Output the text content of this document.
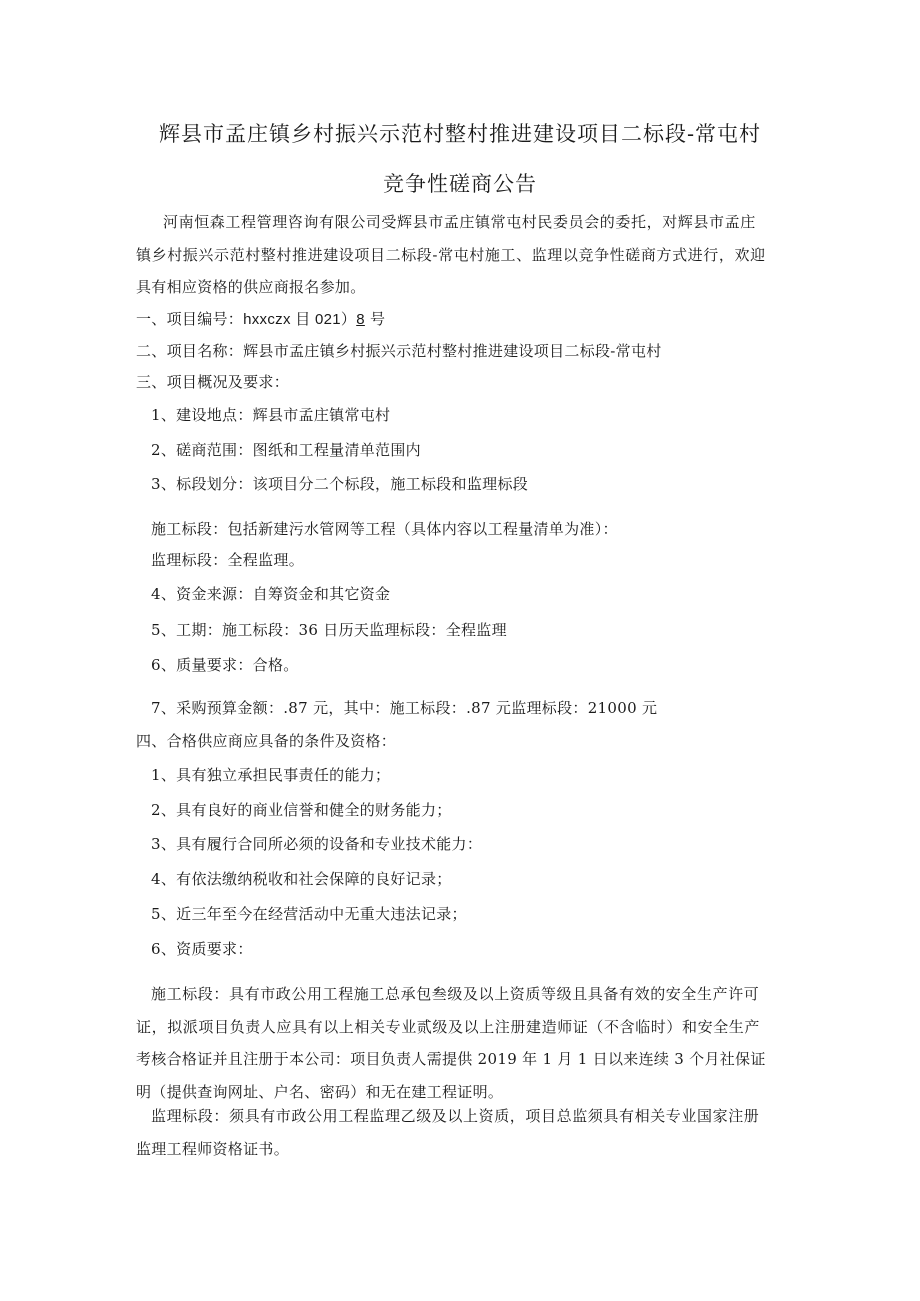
辉县市孟庄镇乡村振兴示范村整村推进建设项目二标段-常屯村
竞争性磋商公告
河南恒森工程管理咨询有限公司受辉县市孟庄镇常屯村民委员会的委托，对辉县市孟庄
镇乡村振兴示范村整村推进建设项目二标段-常屯村施工、监理以竞争性磋商方式进行，欢迎
具有相应资格的供应商报名参加。
一、项目编号：hxxczx 目 021）8 号
二、项目名称：辉县市孟庄镇乡村振兴示范村整村推进建设项目二标段-常屯村
三、项目概况及要求：
1、建设地点：辉县市孟庄镇常屯村
2、磋商范围：图纸和工程量清单范围内
3、标段划分：该项目分二个标段，施工标段和监理标段
施工标段：包括新建污水管网等工程（具体内容以工程量清单为准）：
监理标段：全程监理。
4、资金来源：自筹资金和其它资金
5、工期：施工标段：36 日历天监理标段：全程监理
6、质量要求：合格。
7、采购预算金额：.87 元，其中：施工标段：.87 元监理标段：21000 元
四、合格供应商应具备的条件及资格：
1、具有独立承担民事责任的能力；
2、具有良好的商业信誉和健全的财务能力；
3、具有履行合同所必须的设备和专业技术能力：
4、有依法缴纳税收和社会保障的良好记录；
5、近三年至今在经营活动中无重大违法记录；
6、资质要求：
施工标段：具有市政公用工程施工总承包叁级及以上资质等级且具备有效的安全生产许可
证，拟派项目负责人应具有以上相关专业贰级及以上注册建造师证（不含临时）和安全生产
考核合格证并且注册于本公司：项目负责人需提供 2019 年 1 月 1 日以来连续 3 个月社保证
明（提供查询网址、户名、密码）和无在建工程证明。
监理标段：须具有市政公用工程监理乙级及以上资质，项目总监须具有相关专业国家注册
监理工程师资格证书。
